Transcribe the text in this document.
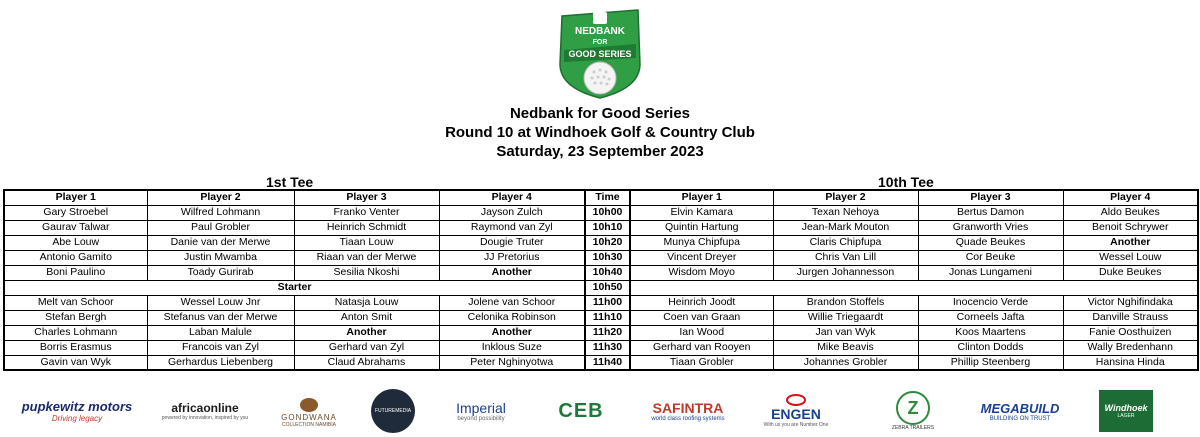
NEDBANK
FOR
GOOD SERIES
Nedbank for Good Series
Round 10 at Windhoek Golf & Country Club
Saturday, 23 September 2023
1st Tee	10th Tee
Player 1	Player 2	Player 3	Player 4	Time	Player 1	Player 2	Player 3	Player 4
Gary Stroebel	Wilfred Lohmann	Franko Venter	Jayson Zulch	10h00	Elvin Kamara	Texan Nehoya	Bertus Damon	Aldo Beukes
Gaurav Talwar	Paul Grobler	Heinrich Schmidt	Raymond van Zyl	10h10	Quintin Hartung	Jean-Mark Mouton	Granworth Vries	Benoit Schrywer
Abe Louw	Danie van der Merwe	Tiaan Louw	Dougie Truter	10h20	Munya Chipfupa	Claris Chipfupa	Quade Beukes	Another
Antonio Gamito	Justin Mwamba	Riaan van der Merwe	JJ Pretorius	10h30	Vincent Dreyer	Chris Van Lill	Cor Beuke	Wessel Louw
Boni Paulino	Toady Gurirab	Sesilia Nkoshi	Another	10h40	Wisdom Moyo	Jurgen Johannesson	Jonas Lungameni	Duke Beukes
Starter				10h50				
Melt van Schoor	Wessel Louw Jnr	Natasja Louw	Jolene van Schoor	11h00	Heinrich Joodt	Brandon Stoffels	Inocencio Verde	Victor Nghifindaka
Stefan Bergh	Stefanus van der Merwe	Anton Smit	Celonika Robinson	11h10	Coen van Graan	Willie Triegaardt	Corneels Jafta	Danville Strauss
Charles Lohmann	Laban Malule	Another	Another	11h20	Ian Wood	Jan van Wyk	Koos Maartens	Fanie Oosthuizen
Borris Erasmus	Francois van Zyl	Gerhard van Zyl	Inklous Suze	11h30	Gerhard van Rooyen	Mike Beavis	Clinton Dodds	Wally Bredenhann
Gavin van Wyk	Gerhardus Liebenberg	Claud Abrahams	Peter Nghinyotwa	11h40	Tiaan Grobler	Johannes Grobler	Phillip Steenberg	Hansina Hinda
pupkewitz motors
Driving legacy
africaonline
powered by innovation, inspired by you	GONDWANA
COLLECTION NAMIBIA
FUTUREMEDIA	Imperial
beyond possibility	CEB	SAFINTRA
world class roofing systems	ENGEN
With us you are Number One
Z
ZEBRA TRAILERS
MEGABUILD
BUILDING ON TRUST
Windhoek
LAGER
